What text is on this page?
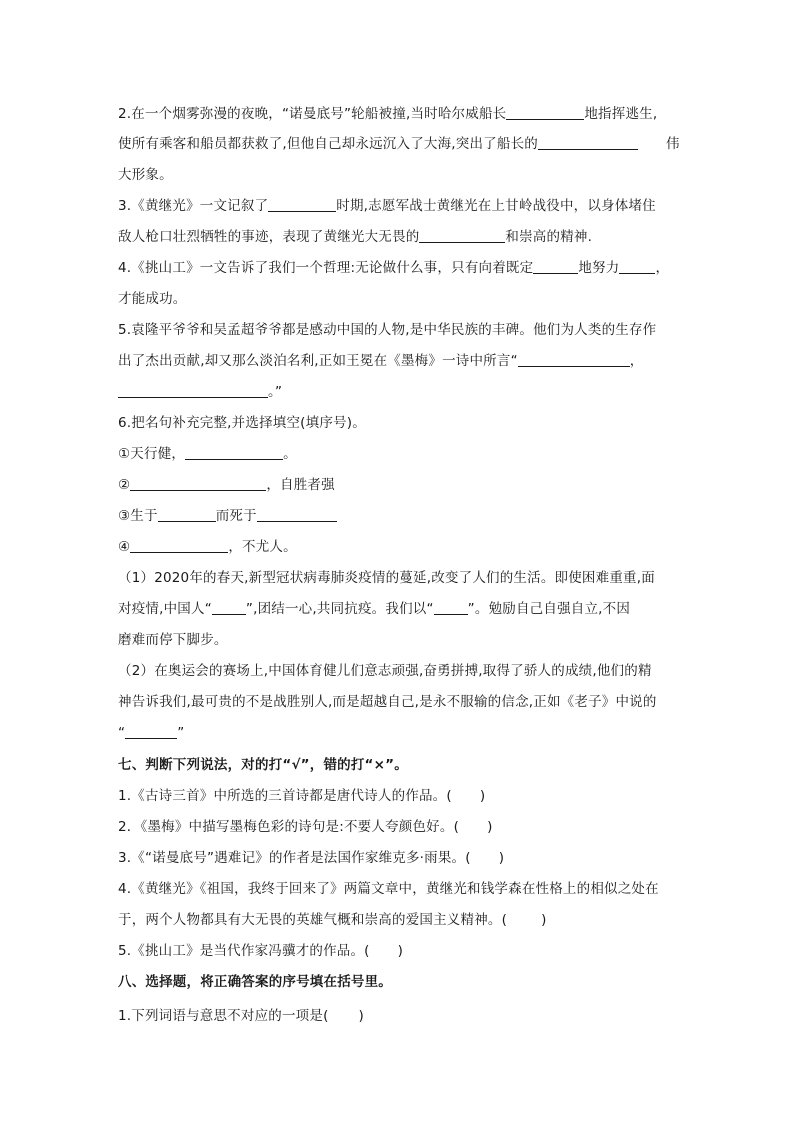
2.在一个烟雾弥漫的夜晚，“诺曼底号”轮船被撞,当时哈尔威船长	地指挥逃生,
使所有乘客和船员都获救了,但他自己却永远沉入了大海,突出了船长的	伟
大形象。
3.《黄继光》一文记叙了	时期,志愿军战士黄继光在上甘岭战役中，以身体堵住
敌人枪口壮烈牺牲的事迹，表现了黄继光大无畏的	和崇高的精神.
4.《挑山工》一文告诉了我们一个哲理:无论做什么事，只有向着既定	地努力	，
才能成功。
5.袁隆平爷爷和吴孟超爷爷都是感动中国的人物,是中华民族的丰碑。他们为人类的生存作
出了杰出贡献,却又那么淡泊名利,正如王冕在《墨梅》一诗中所言“	，
。”
6.把名句补充完整,并选择填空(填序号)。
①天行健，	。
②	，自胜者强
③生于	而死于
④	，不尤人。
（1）2020年的春天,新型冠状病毒肺炎疫情的蔓延,改变了人们的生活。即使困难重重,面
对疫情,中国人“	”,团结一心,共同抗疫。我们以“	”。勉励自己自强自立,不因
磨难而停下脚步。
（2）在奥运会的赛场上,中国体育健儿们意志顽强,奋勇拼搏,取得了骄人的成绩,他们的精
神告诉我们,最可贵的不是战胜别人,而是超越自己,是永不服输的信念,正如《老子》中说的
“	”
七、判断下列说法，对的打“√”，错的打“×”。
1.《古诗三首》中所选的三首诗都是唐代诗人的作品。( )
2．《墨梅》中描写墨梅色彩的诗句是:不要人夸颜色好。( )
3.《“诺曼底号”遇难记》的作者是法国作家维克多·雨果。( )
4.《黄继光》《祖国，我终于回来了》两篇文章中，黄继光和钱学森在性格上的相似之处在
于，两个人物都具有大无畏的英雄气概和崇高的爱国主义精神。(	)
5.《挑山工》是当代作家冯骥才的作品。( )
八、选择题，将正确答案的序号填在括号里。
1.下列词语与意思不对应的一项是( )
